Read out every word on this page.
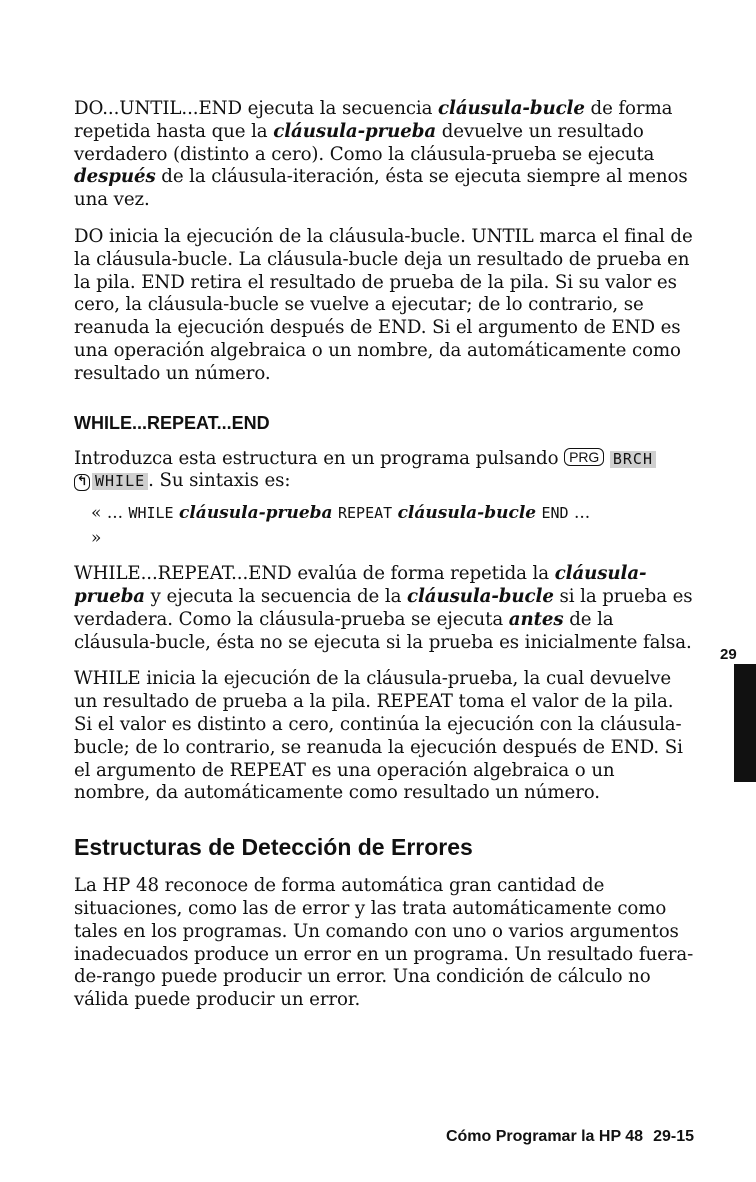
DO...UNTIL...END ejecuta la secuencia cláusula-bucle de forma repetida hasta que la cláusula-prueba devuelve un resultado verdadero (distinto a cero). Como la cláusula-prueba se ejecuta después de la cláusula-iteración, ésta se ejecuta siempre al menos una vez.

DO inicia la ejecución de la cláusula-bucle. UNTIL marca el final de la cláusula-bucle. La cláusula-bucle deja un resultado de prueba en la pila. END retira el resultado de prueba de la pila. Si su valor es cero, la cláusula-bucle se vuelve a ejecutar; de lo contrario, se reanuda la ejecución después de END. Si el argumento de END es una operación algebraica o un nombre, da automáticamente como resultado un número.

WHILE...REPEAT...END

Introduzca esta estructura en un programa pulsando PRG BRCH
↰ WHILE . Su sintaxis es:

« ... WHILE cláusula-prueba REPEAT cláusula-bucle END ...
»

WHILE...REPEAT...END evalúa de forma repetida la cláusula-prueba y ejecuta la secuencia de la cláusula-bucle si la prueba es verdadera. Como la cláusula-prueba se ejecuta antes de la cláusula-bucle, ésta no se ejecuta si la prueba es inicialmente falsa.

WHILE inicia la ejecución de la cláusula-prueba, la cual devuelve un resultado de prueba a la pila. REPEAT toma el valor de la pila. Si el valor es distinto a cero, continúa la ejecución con la cláusula-bucle; de lo contrario, se reanuda la ejecución después de END. Si el argumento de REPEAT es una operación algebraica o un nombre, da automáticamente como resultado un número.

Estructuras de Detección de Errores

La HP 48 reconoce de forma automática gran cantidad de situaciones, como las de error y las trata automáticamente como tales en los programas. Un comando con uno o varios argumentos inadecuados produce un error en un programa. Un resultado fuera-de-rango puede producir un error. Una condición de cálculo no válida puede producir un error.

29
Cómo Programar la HP 48 29-15
